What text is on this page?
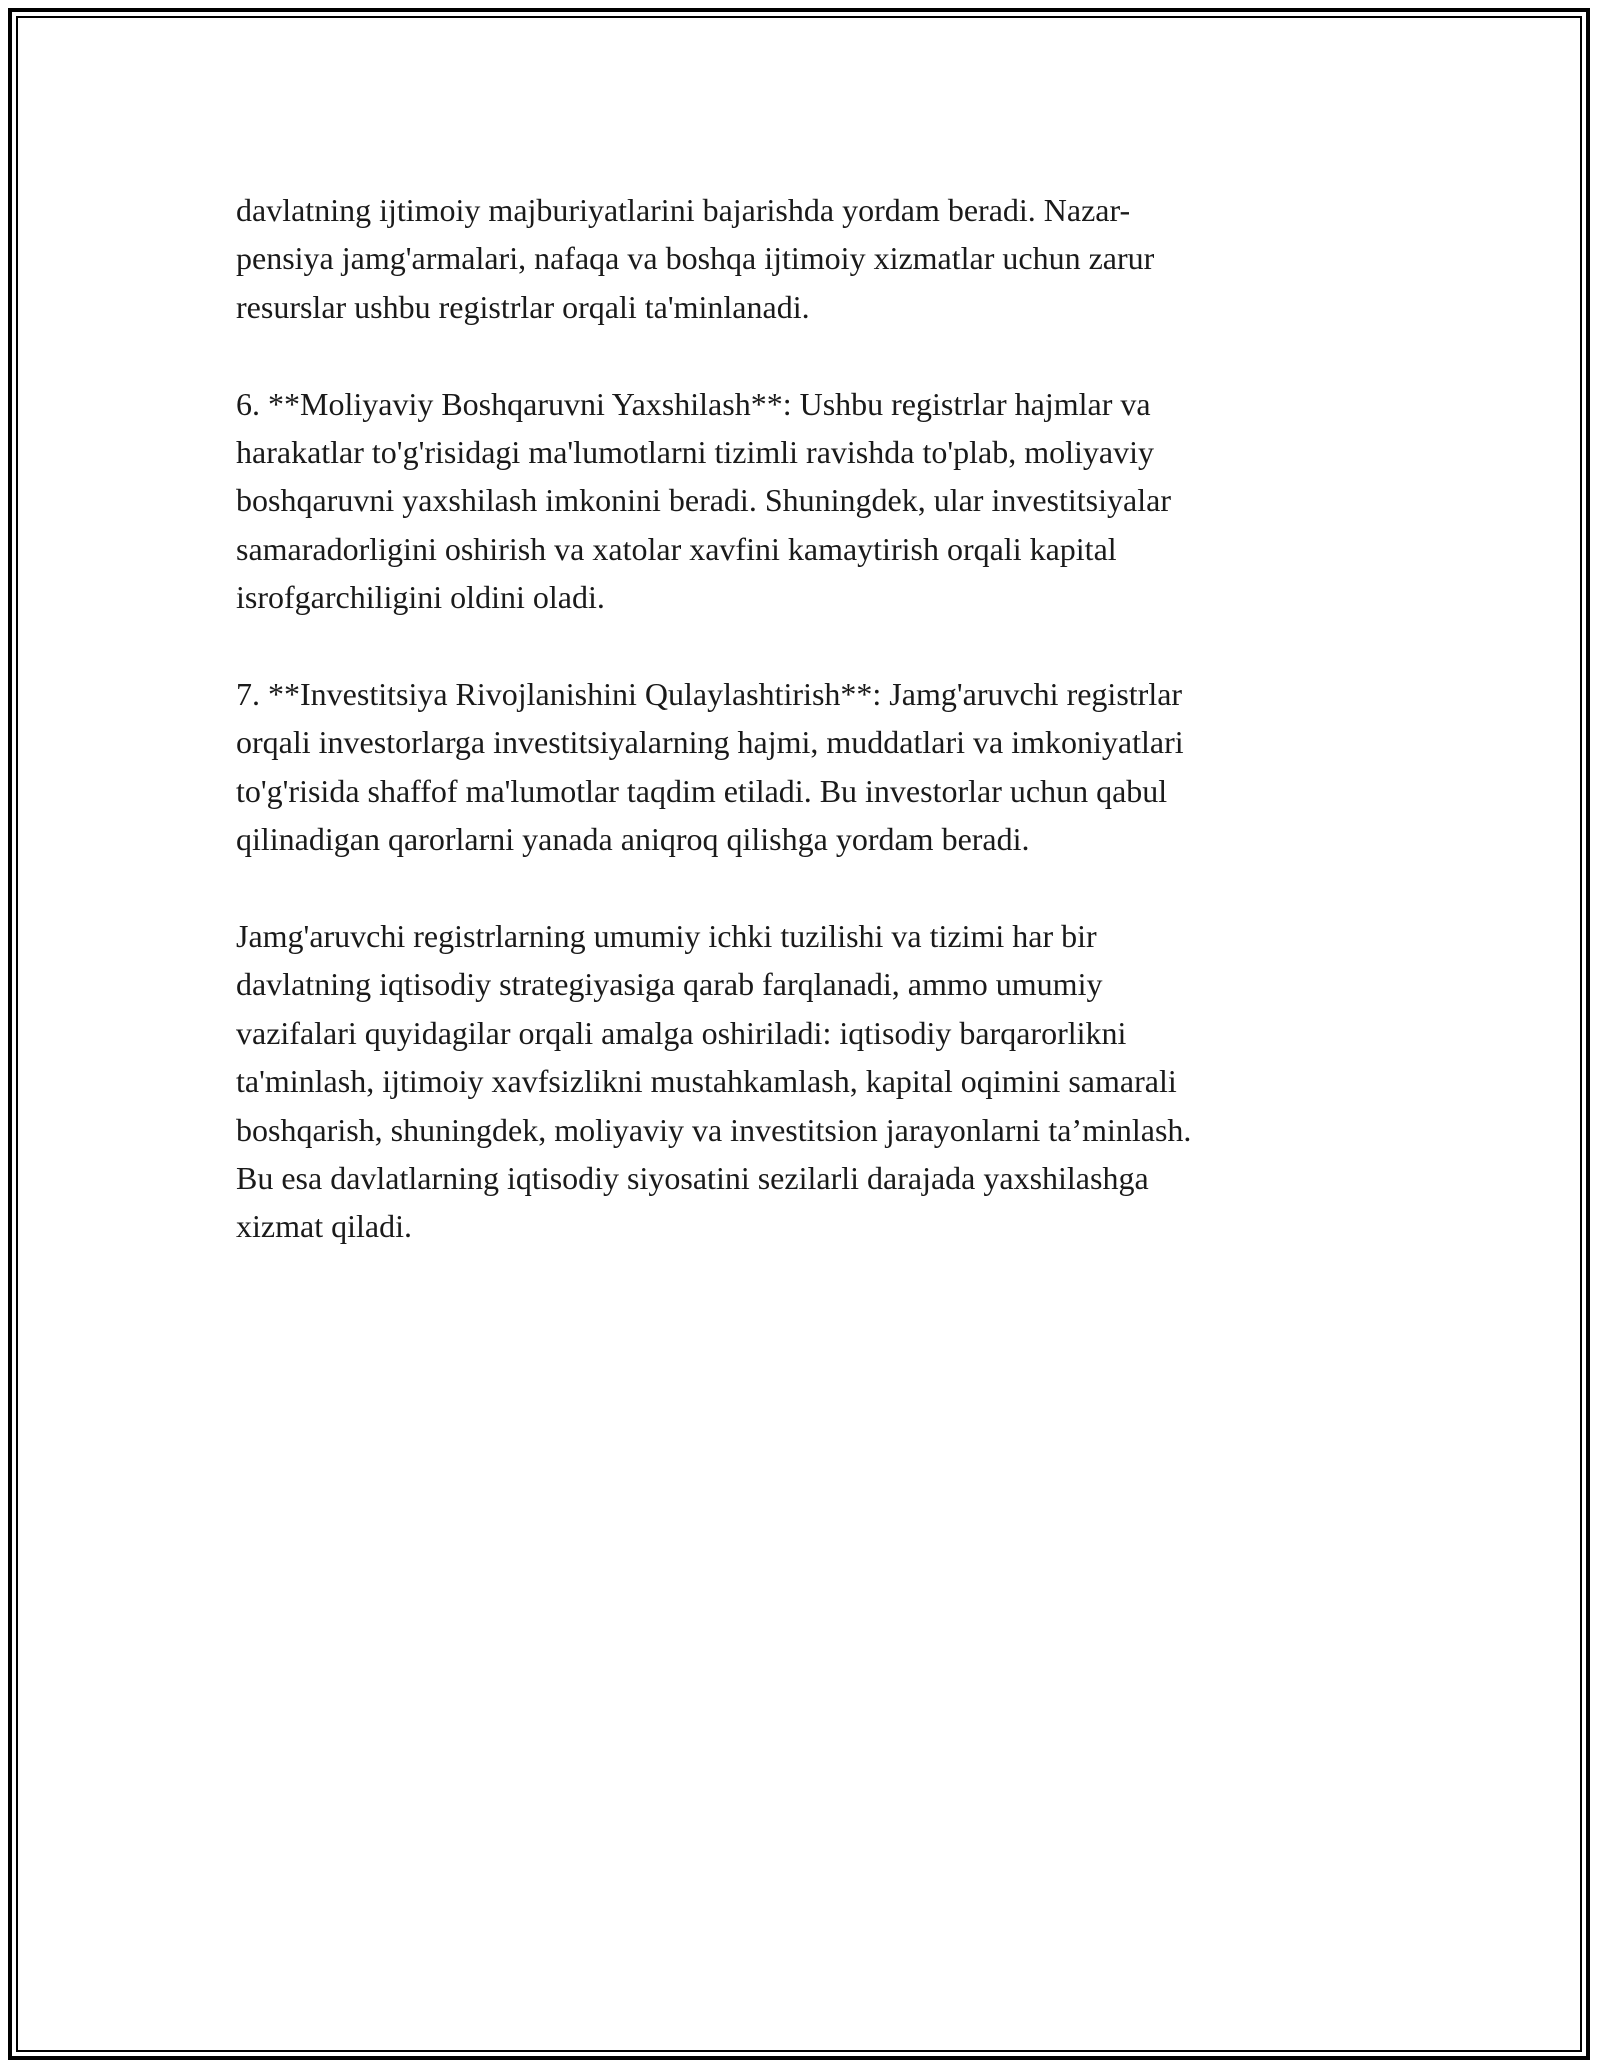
davlatning ijtimoiy majburiyatlarini bajarishda yordam beradi. Nazar-
pensiya jamg'armalari, nafaqa va boshqa ijtimoiy xizmatlar uchun zarur
resurslar ushbu registrlar orqali ta'minlanadi.

6. **Moliyaviy Boshqaruvni Yaxshilash**: Ushbu registrlar hajmlar va
harakatlar to'g'risidagi ma'lumotlarni tizimli ravishda to'plab, moliyaviy
boshqaruvni yaxshilash imkonini beradi. Shuningdek, ular investitsiyalar
samaradorligini oshirish va xatolar xavfini kamaytirish orqali kapital
isrofgarchiligini oldini oladi.

7. **Investitsiya Rivojlanishini Qulaylashtirish**: Jamg'aruvchi registrlar
orqali investorlarga investitsiyalarning hajmi, muddatlari va imkoniyatlari
to'g'risida shaffof ma'lumotlar taqdim etiladi. Bu investorlar uchun qabul
qilinadigan qarorlarni yanada aniqroq qilishga yordam beradi.

Jamg'aruvchi registrlarning umumiy ichki tuzilishi va tizimi har bir
davlatning iqtisodiy strategiyasiga qarab farqlanadi, ammo umumiy
vazifalari quyidagilar orqali amalga oshiriladi: iqtisodiy barqarorlikni
ta'minlash, ijtimoiy xavfsizlikni mustahkamlash, kapital oqimini samarali
boshqarish, shuningdek, moliyaviy va investitsion jarayonlarni ta’minlash.
Bu esa davlatlarning iqtisodiy siyosatini sezilarli darajada yaxshilashga
xizmat qiladi.
